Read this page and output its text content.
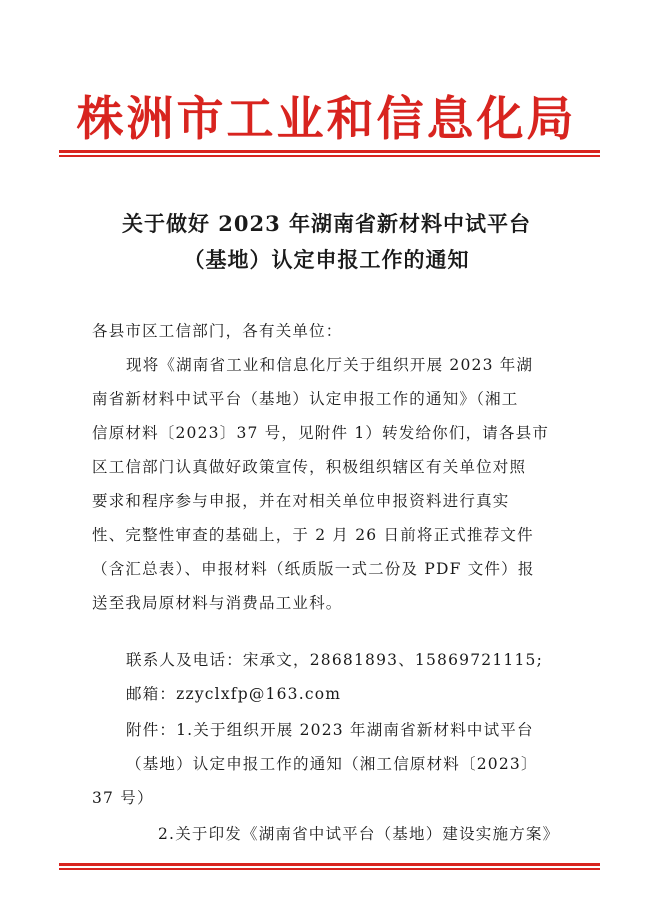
株洲市工业和信息化局
关于做好 2023 年湖南省新材料中试平台
（基地）认定申报工作的通知
各县市区工信部门，各有关单位：
现将《湖南省工业和信息化厅关于组织开展 2023 年湖
南省新材料中试平台（基地）认定申报工作的通知》（湘工
信原材料〔2023〕37 号，见附件 1）转发给你们，请各县市
区工信部门认真做好政策宣传，积极组织辖区有关单位对照
要求和程序参与申报，并在对相关单位申报资料进行真实
性、完整性审查的基础上，于 2 月 26 日前将正式推荐文件
（含汇总表）、申报材料（纸质版一式二份及 PDF 文件）报
送至我局原材料与消费品工业科。
联系人及电话：宋承文，28681893、15869721115;
邮箱：zzyclxfp@163.com
附件：1.关于组织开展 2023 年湖南省新材料中试平台
（基地）认定申报工作的通知（湘工信原材料〔2023〕
37 号）
2.关于印发《湖南省中试平台（基地）建设实施方案》
